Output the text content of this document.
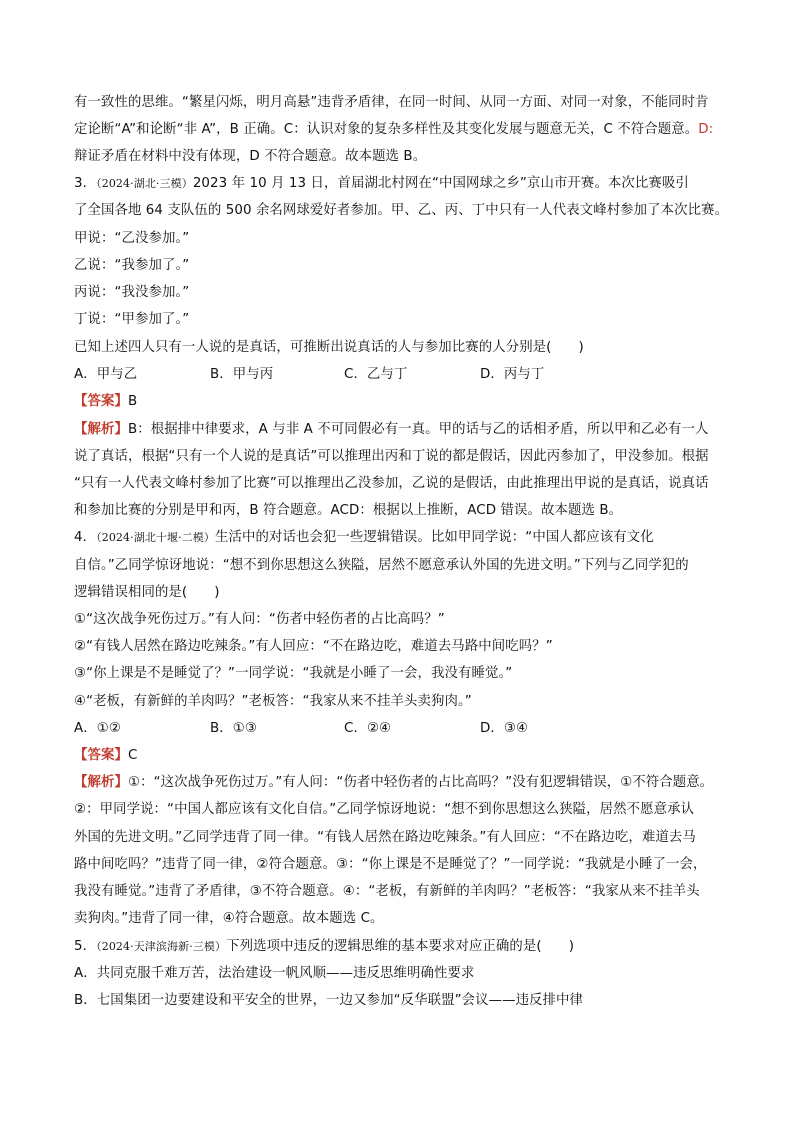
有一致性的思维。“繁星闪烁，明月高悬”违背矛盾律，在同一时间、从同一方面、对同一对象，不能同时肯
定论断“A”和论断“非 A”，B 正确。C：认识对象的复杂多样性及其变化发展与题意无关，C 不符合题意。D:
辩证矛盾在材料中没有体现，D 不符合题意。故本题选 B。
3．（2024·湖北·三模）2023 年 10 月 13 日，首届湖北村网在“中国网球之乡”京山市开赛。本次比赛吸引
了全国各地 64 支队伍的 500 余名网球爱好者参加。甲、乙、丙、丁中只有一人代表文峰村参加了本次比赛。
甲说：“乙没参加。”
乙说：“我参加了。”
丙说：“我没参加。”
丁说：“甲参加了。”
已知上述四人只有一人说的是真话，可推断出说真话的人与参加比赛的人分别是(　　)
A．甲与乙	B．甲与丙	C．乙与丁	D．丙与丁
【答案】B
【解析】B：根据排中律要求，A 与非 A 不可同假必有一真。甲的话与乙的话相矛盾，所以甲和乙必有一人
说了真话，根据“只有一个人说的是真话”可以推理出丙和丁说的都是假话，因此丙参加了，甲没参加。根据
“只有一人代表文峰村参加了比赛”可以推理出乙没参加，乙说的是假话，由此推理出甲说的是真话，说真话
和参加比赛的分别是甲和丙，B 符合题意。ACD：根据以上推断，ACD 错误。故本题选 B。
4．（2024·湖北十堰·二模）生活中的对话也会犯一些逻辑错误。比如甲同学说：“中国人都应该有文化
自信。”乙同学惊讶地说：“想不到你思想这么狭隘，居然不愿意承认外国的先进文明。”下列与乙同学犯的
逻辑错误相同的是(　　)
①“这次战争死伤过万。”有人问：“伤者中轻伤者的占比高吗？”
②“有钱人居然在路边吃辣条。”有人回应：“不在路边吃，难道去马路中间吃吗？”
③“你上课是不是睡觉了？”一同学说：“我就是小睡了一会，我没有睡觉。”
④“老板，有新鲜的羊肉吗？”老板答：“我家从来不挂羊头卖狗肉。”
A．①②	B．①③	C．②④	D．③④
【答案】C
【解析】①：“这次战争死伤过万。”有人问：“伤者中轻伤者的占比高吗？”没有犯逻辑错误，①不符合题意。
②：甲同学说：“中国人都应该有文化自信。”乙同学惊讶地说：“想不到你思想这么狭隘，居然不愿意承认
外国的先进文明。”乙同学违背了同一律。“有钱人居然在路边吃辣条。”有人回应：“不在路边吃，难道去马
路中间吃吗？”违背了同一律，②符合题意。③：“你上课是不是睡觉了？”一同学说：“我就是小睡了一会，
我没有睡觉。”违背了矛盾律，③不符合题意。④：“老板，有新鲜的羊肉吗？”老板答：“我家从来不挂羊头
卖狗肉。”违背了同一律，④符合题意。故本题选 C。
5．（2024·天津滨海新·三模）下列选项中违反的逻辑思维的基本要求对应正确的是(　　)
A．共同克服千难万苦，法治建设一帆风顺——违反思维明确性要求
B．七国集团一边要建设和平安全的世界，一边又参加“反华联盟”会议——违反排中律
